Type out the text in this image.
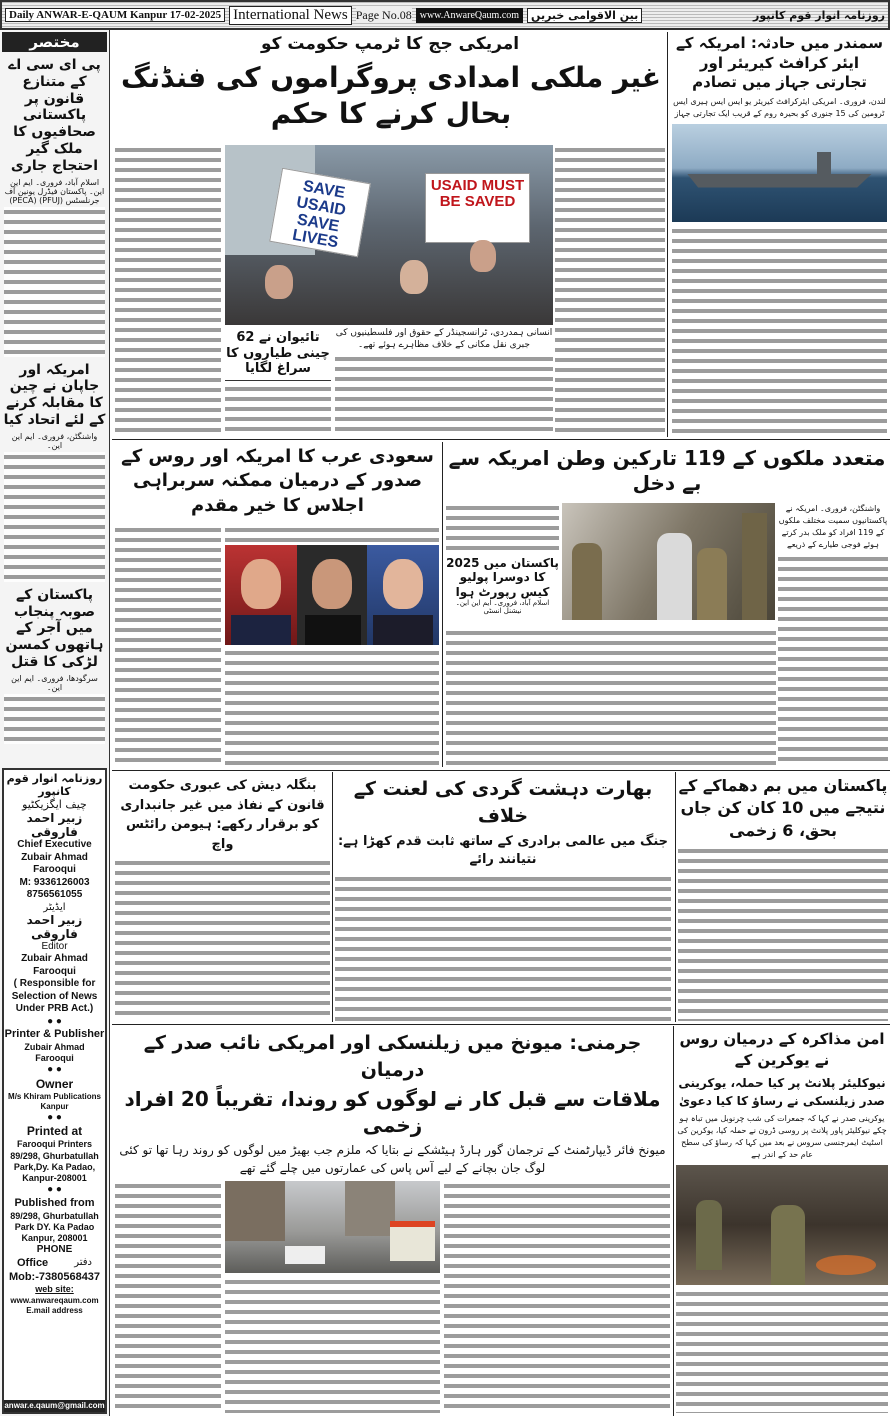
Daily ANWAR-E-QAUM Kanpur 17-02-2025 International News Page No.08 www.AnwareQaum.com	بین الاقوامی خبریں	روزنامہ انوار قوم کانپور
مختصر
پی ای سی اے کے متنازع قانون پر پاکستانی صحافیوں کا ملک گیر احتجاج جاری
اسلام آباد، فروری۔ ایم این این۔ پاکستان فیڈرل یونین آف جرنلسٹس (PFUJ) (PECA)
امریکہ اور جاپان نے چین کا مقابلہ کرنے کے لئے اتحاد کیا
واشنگٹن، فروری۔ ایم این این۔
پاکستان کے صوبہ پنجاب میں آجر کے ہاتھوں کمسن لڑکی کا قتل
سرگودھا، فروری۔ ایم این این۔
روزنامہ انوار قوم کانپور
چیف ایگزیکٹیو
زبیر احمد فاروقی
Chief Executive
Zubair Ahmad Farooqui
M: 9336126003
8756561055
ایڈیٹر
زبیر احمد فاروقی
Editor
Zubair Ahmad Farooqui
( Responsible for Selection of News Under PRB Act.)
● ●
Printer & Publisher
Zubair Ahmad Farooqui
● ●
Owner
M/s Khiram Publications
Kanpur
● ●
Printed at
Farooqui Printers
89/298, Ghurbatullah Park,Dy. Ka Padao, Kanpur-208001
● ●
Published from
89/298, Ghurbatullah Park DY. Ka Padao Kanpur, 208001
PHONE
Office	دفتر
Mob:-7380568437
web site:
www.anwareqaum.com
E.mail address
anwar.e.qaum@gmail.com
امریکی جج کا ٹرمپ حکومت کو
غیر ملکی امدادی پروگراموں کی فنڈنگ بحال کرنے کا حکم
SAVE USAID SAVE LIVES
USAID MUST BE SAVED
انسانی ہمدردی، ٹرانسجینڈر کے حقوق اور فلسطینیوں کی جبری نقل مکانی کے خلاف مظاہرے ہوئے تھے۔
تائیوان نے 62 چینی طیاروں کا سراغ لگایا
سمندر میں حادثہ: امریکہ کے ایئر کرافٹ کیریئر اور تجارتی جہاز میں تصادم
لندن، فروری۔ امریکی ایئرکرافٹ کیریئر یو ایس ایس ہیری ایس ٹرومین کی 15 جنوری کو بحیرہ روم کے قریب ایک تجارتی جہاز
سعودی عرب کا امریکہ اور روس کے صدور کے درمیان ممکنہ سربراہی اجلاس کا خیر مقدم
متعدد ملکوں کے 119 تارکین وطن امریکہ سے بے دخل
واشنگٹن، فروری۔ امریکہ نے پاکستانیوں سمیت مختلف ملکوں کے 119 افراد کو ملک بدر کرتے ہوئے فوجی طیارے کے ذریعے
پاکستان میں 2025 کا دوسرا پولیو کیس رپورٹ ہوا
اسلام آباد، فروری۔ ایم این این۔ نیشنل انسٹی
پاکستان میں بم دھماکے کے نتیجے میں 10 کان کن جاں بحق، 6 زخمی
بھارت دہشت گردی کی لعنت کے خلاف
جنگ میں عالمی برادری کے ساتھ ثابت قدم کھڑا ہے: نتیانند رائے
بنگلہ دیش کی عبوری حکومت قانون کے نفاذ میں غیر جانبداری کو برقرار رکھے: ہیومن رائٹس واچ
امن مذاکرہ کے درمیان روس نے یوکرین کے
نیوکلیئر پلانٹ پر کیا حملہ، یوکرینی صدر زیلنسکی نے رساؤ کا کیا دعویٰ
یوکرینی صدر نے کہا کہ جمعرات کی شب چرنوبل میں تباہ ہو چکے نیوکلیئر پاور پلانٹ پر روسی ڈرون نے حملہ کیا، یوکرین کی اسٹیٹ ایمرجنسی سروس نے بعد میں کہا کہ رساؤ کی سطح عام حد کے اندر ہے
جرمنی: میونخ میں زیلنسکی اور امریکی نائب صدر کے درمیان
ملاقات سے قبل کار نے لوگوں کو روندا، تقریباً 20 افراد زخمی
میونخ فائر ڈیپارٹمنٹ کے ترجمان گور ہارڈ ہیٹشکے نے بتایا کہ ملزم جب بھیڑ میں لوگوں کو روند رہا تھا تو کئی لوگ جان بچانے کے لیے آس پاس کی عمارتوں میں چلے گئے تھے
